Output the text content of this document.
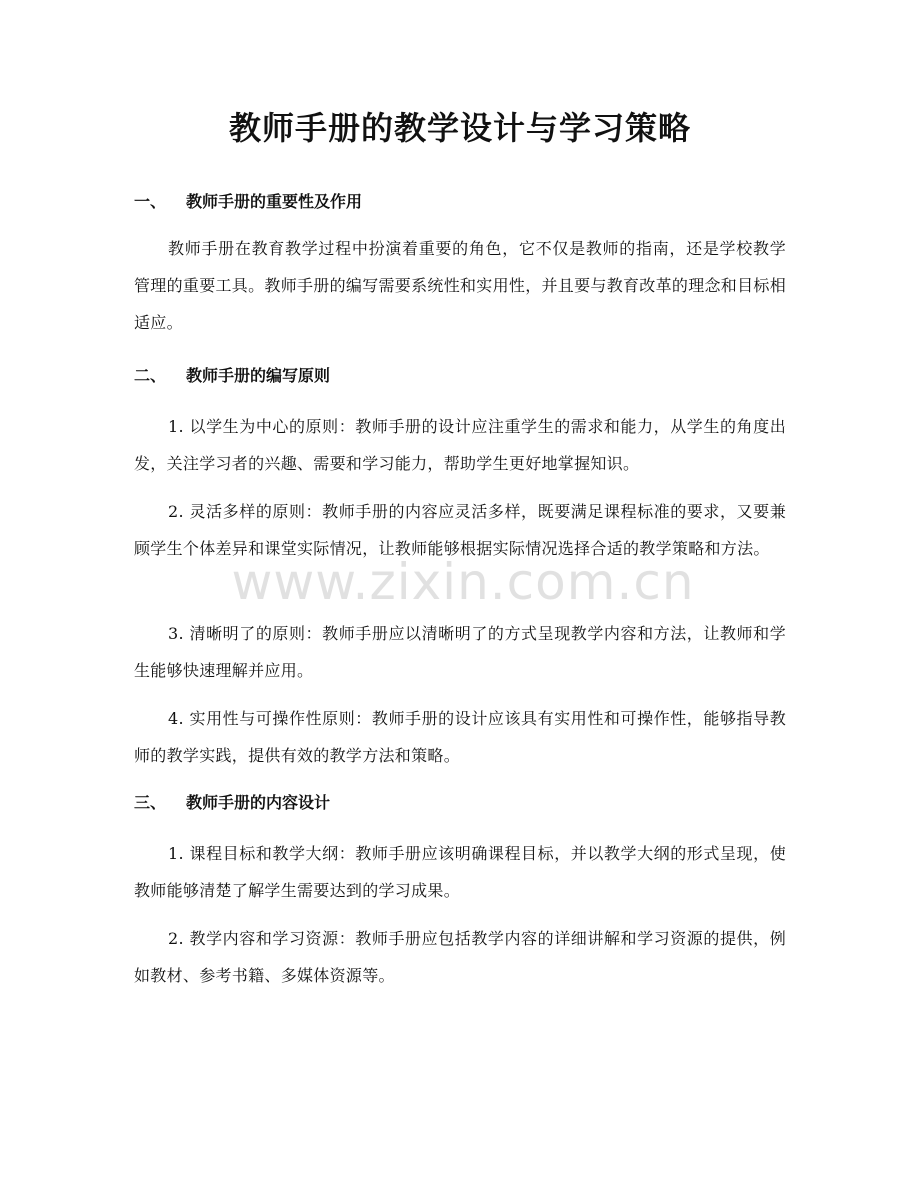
教师手册的教学设计与学习策略

一、 教师手册的重要性及作用

教师手册在教育教学过程中扮演着重要的角色，它不仅是教师的指南，还是学校教学管理的重要工具。教师手册的编写需要系统性和实用性，并且要与教育改革的理念和目标相适应。

二、 教师手册的编写原则

1. 以学生为中心的原则：教师手册的设计应注重学生的需求和能力，从学生的角度出发，关注学习者的兴趣、需要和学习能力，帮助学生更好地掌握知识。

2. 灵活多样的原则：教师手册的内容应灵活多样，既要满足课程标准的要求，又要兼顾学生个体差异和课堂实际情况，让教师能够根据实际情况选择合适的教学策略和方法。

3. 清晰明了的原则：教师手册应以清晰明了的方式呈现教学内容和方法，让教师和学生能够快速理解并应用。

4. 实用性与可操作性原则：教师手册的设计应该具有实用性和可操作性，能够指导教师的教学实践，提供有效的教学方法和策略。

三、 教师手册的内容设计

1. 课程目标和教学大纲：教师手册应该明确课程目标，并以教学大纲的形式呈现，使教师能够清楚了解学生需要达到的学习成果。

2. 教学内容和学习资源：教师手册应包括教学内容的详细讲解和学习资源的提供，例如教材、参考书籍、多媒体资源等。

www.zixin.com.cn
